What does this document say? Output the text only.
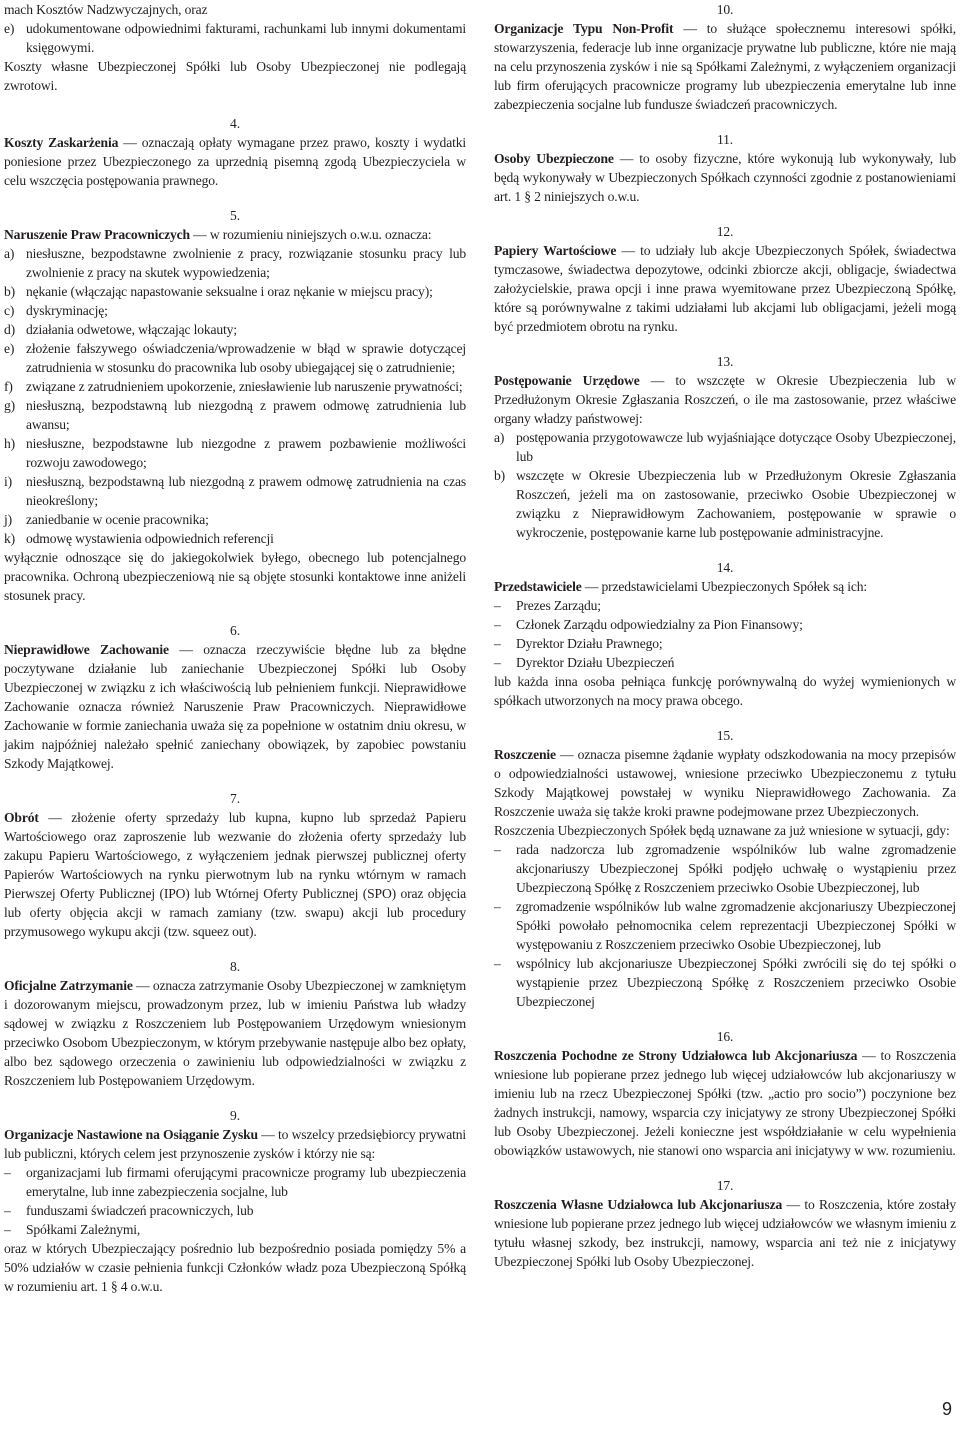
mach Kosztów Nadzwyczajnych, oraz

e) udokumentowane odpowiednimi fakturami, rachunkami lub innymi dokumentami księgowymi.

Koszty własne Ubezpieczonej Spółki lub Osoby Ubezpieczonej nie podlegają zwrotowi.

4.

Koszty Zaskarżenia — oznaczają opłaty wymagane przez prawo, koszty i wydatki poniesione przez Ubezpieczonego za uprzednią pisemną zgodą Ubezpieczyciela w celu wszczęcia postępowania prawnego.

5.

Naruszenie Praw Pracowniczych — w rozumieniu niniejszych o.w.u. oznacza:

a) niesłuszne, bezpodstawne zwolnienie z pracy, rozwiązanie stosunku pracy lub zwolnienie z pracy na skutek wypowiedzenia;
b) nękanie (włączając napastowanie seksualne i oraz nękanie w miejscu pracy);
c) dyskryminację;
d) działania odwetowe, włączając lokauty;
e) złożenie fałszywego oświadczenia/wprowadzenie w błąd w sprawie dotyczącej zatrudnienia w stosunku do pracownika lub osoby ubiegającej się o zatrudnienie;
f) związane z zatrudnieniem upokorzenie, zniesławienie lub naruszenie prywatności;
g) niesłuszną, bezpodstawną lub niezgodną z prawem odmowę zatrudnienia lub awansu;
h) niesłuszne, bezpodstawne lub niezgodne z prawem pozbawienie możliwości rozwoju zawodowego;
i)	niesłuszną, bezpodstawną lub niezgodną z prawem odmowę zatrudnienia na czas nieokreślony;
j)	zaniedbanie w ocenie pracownika;
k) odmowę wystawienia odpowiednich referencji

wyłącznie odnoszące się do jakiegokolwiek byłego, obecnego lub potencjalnego pracownika. Ochroną ubezpieczeniową nie są objęte stosunki kontaktowe inne aniżeli stosunek pracy.

6.

Nieprawidłowe Zachowanie — oznacza rzeczywiście błędne lub za błędne poczytywane działanie lub zaniechanie Ubezpieczonej Spółki lub Osoby Ubezpieczonej w związku z ich właściwością lub pełnieniem funkcji. Nieprawidłowe Zachowanie oznacza również Naruszenie Praw Pracowniczych. Nieprawidłowe Zachowanie w formie zaniechania uważa się za popełnione w ostatnim dniu okresu, w jakim najpóźniej należało spełnić zaniechany obowiązek, by zapobiec powstaniu Szkody Majątkowej.

7.

Obrót — złożenie oferty sprzedaży lub kupna, kupno lub sprzedaż Papieru Wartościowego oraz zaproszenie lub wezwanie do złożenia oferty sprzedaży lub zakupu Papieru Wartościowego, z wyłączeniem jednak pierwszej publicznej oferty Papierów Wartościowych na rynku pierwotnym lub na rynku wtórnym w ramach Pierwszej Oferty Publicznej (IPO) lub Wtórnej Oferty Publicznej (SPO) oraz objęcia lub oferty objęcia akcji w ramach zamiany (tzw. swapu) akcji lub procedury przymusowego wykupu akcji (tzw. squeez out).

8.

Oficjalne Zatrzymanie — oznacza zatrzymanie Osoby Ubezpieczonej w zamkniętym i dozorowanym miejscu, prowadzonym przez, lub w imieniu Państwa lub władzy sądowej w związku z Roszczeniem lub Postępowaniem Urzędowym wniesionym przeciwko Osobom Ubezpieczonym, w którym przebywanie następuje albo bez opłaty, albo bez sądowego orzeczenia o zawinieniu lub odpowiedzialności w związku z Roszczeniem lub Postępowaniem Urzędowym.

9.

Organizacje Nastawione na Osiąganie Zysku — to wszelcy przedsiębiorcy prywatni lub publiczni, których celem jest przynoszenie zysków i którzy nie są:

–	organizacjami lub firmami oferującymi pracownicze programy lub ubezpieczenia emerytalne, lub inne zabezpieczenia socjalne, lub
–	funduszami świadczeń pracowniczych, lub
–	Spółkami Zależnymi,

oraz w których Ubezpieczający pośrednio lub bezpośrednio posiada pomiędzy 5% a 50% udziałów w czasie pełnienia funkcji Członków władz poza Ubezpieczoną Spółką w rozumieniu art. 1 § 4 o.w.u.

10.

Organizacje Typu Non-Profit — to służące społecznemu interesowi spółki, stowarzyszenia, federacje lub inne organizacje prywatne lub publiczne, które nie mają na celu przynoszenia zysków i nie są Spółkami Zależnymi, z wyłączeniem organizacji lub firm oferujących pracownicze programy lub ubezpieczenia emerytalne lub inne zabezpieczenia socjalne lub fundusze świadczeń pracowniczych.

11.

Osoby Ubezpieczone — to osoby fizyczne, które wykonują lub wykonywały, lub będą wykonywały w Ubezpieczonych Spółkach czynności zgodnie z postanowieniami art. 1 § 2 niniejszych o.w.u.

12.

Papiery Wartościowe — to udziały lub akcje Ubezpieczonych Spółek, świadectwa tymczasowe, świadectwa depozytowe, odcinki zbiorcze akcji, obligacje, świadectwa założycielskie, prawa opcji i inne prawa wyemitowane przez Ubezpieczoną Spółkę, które są porównywalne z takimi udziałami lub akcjami lub obligacjami, jeżeli mogą być przedmiotem obrotu na rynku.

13.

Postępowanie Urzędowe — to wszczęte w Okresie Ubezpieczenia lub w Przedłużonym Okresie Zgłaszania Roszczeń, o ile ma zastosowanie, przez właściwe organy władzy państwowej:

a) postępowania przygotowawcze lub wyjaśniające dotyczące Osoby Ubezpieczonej, lub
b) wszczęte w Okresie Ubezpieczenia lub w Przedłużonym Okresie Zgłaszania Roszczeń, jeżeli ma on zastosowanie, przeciwko Osobie Ubezpieczonej w związku z Nieprawidłowym Zachowaniem, postępowanie w sprawie o wykroczenie, postępowanie karne lub postępowanie administracyjne.

14.

Przedstawiciele — przedstawicielami Ubezpieczonych Spółek są ich:

–	Prezes Zarządu;
–	Członek Zarządu odpowiedzialny za Pion Finansowy;
–	Dyrektor Działu Prawnego;
–	Dyrektor Działu Ubezpieczeń

lub każda inna osoba pełniąca funkcję porównywalną do wyżej wymienionych w spółkach utworzonych na mocy prawa obcego.

15.

Roszczenie — oznacza pisemne żądanie wypłaty odszkodowania na mocy przepisów o odpowiedzialności ustawowej, wniesione przeciwko Ubezpieczonemu z tytułu Szkody Majątkowej powstałej w wyniku Nieprawidłowego Zachowania. Za Roszczenie uważa się także kroki prawne podejmowane przez Ubezpieczonych.

Roszczenia Ubezpieczonych Spółek będą uznawane za już wniesione w sytuacji, gdy:

–	rada nadzorcza lub zgromadzenie wspólników lub walne zgromadzenie akcjonariuszy Ubezpieczonej Spółki podjęło uchwałę o wystąpieniu przez Ubezpieczoną Spółkę z Roszczeniem przeciwko Osobie Ubezpieczonej, lub
–	zgromadzenie wspólników lub walne zgromadzenie akcjonariuszy Ubezpieczonej Spółki powołało pełnomocnika celem reprezentacji Ubezpieczonej Spółki w występowaniu z Roszczeniem przeciwko Osobie Ubezpieczonej, lub
–	wspólnicy lub akcjonariusze Ubezpieczonej Spółki zwrócili się do tej spółki o wystąpienie przez Ubezpieczoną Spółkę z Roszczeniem przeciwko Osobie Ubezpieczonej

16.

Roszczenia Pochodne ze Strony Udziałowca lub Akcjonariusza — to Roszczenia wniesione lub popierane przez jednego lub więcej udziałowców lub akcjonariuszy w imieniu lub na rzecz Ubezpieczonej Spółki (tzw. „actio pro socio”) poczynione bez żadnych instrukcji, namowy, wsparcia czy inicjatywy ze strony Ubezpieczonej Spółki lub Osoby Ubezpieczonej. Jeżeli konieczne jest współdziałanie w celu wypełnienia obowiązków ustawowych, nie stanowi ono wsparcia ani inicjatywy w ww. rozumieniu.

17.

Roszczenia Własne Udziałowca lub Akcjonariusza — to Roszczenia, które zostały wniesione lub popierane przez jednego lub więcej udziałowców we własnym imieniu z tytułu własnej szkody, bez instrukcji, namowy, wsparcia ani też nie z inicjatywy Ubezpieczonej Spółki lub Osoby Ubezpieczonej.

9
